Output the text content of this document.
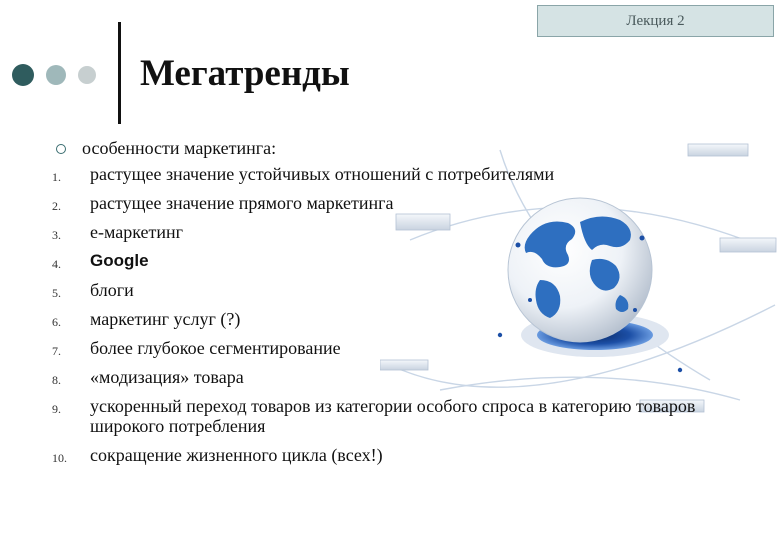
Лекция 2
Мегатренды
особенности маркетинга:
1.	растущее значение устойчивых отношений с потребителями
2.	растущее значение прямого маркетинга
3.	е-маркетинг
4.	Google
5.	блоги
6.	маркетинг услуг (?)
7.	более глубокое сегментирование
8.	«модизация» товара
9.	ускоренный переход товаров из категории особого спроса в категорию товаров широкого потребления
10. сокращение жизненного цикла (всех!)
